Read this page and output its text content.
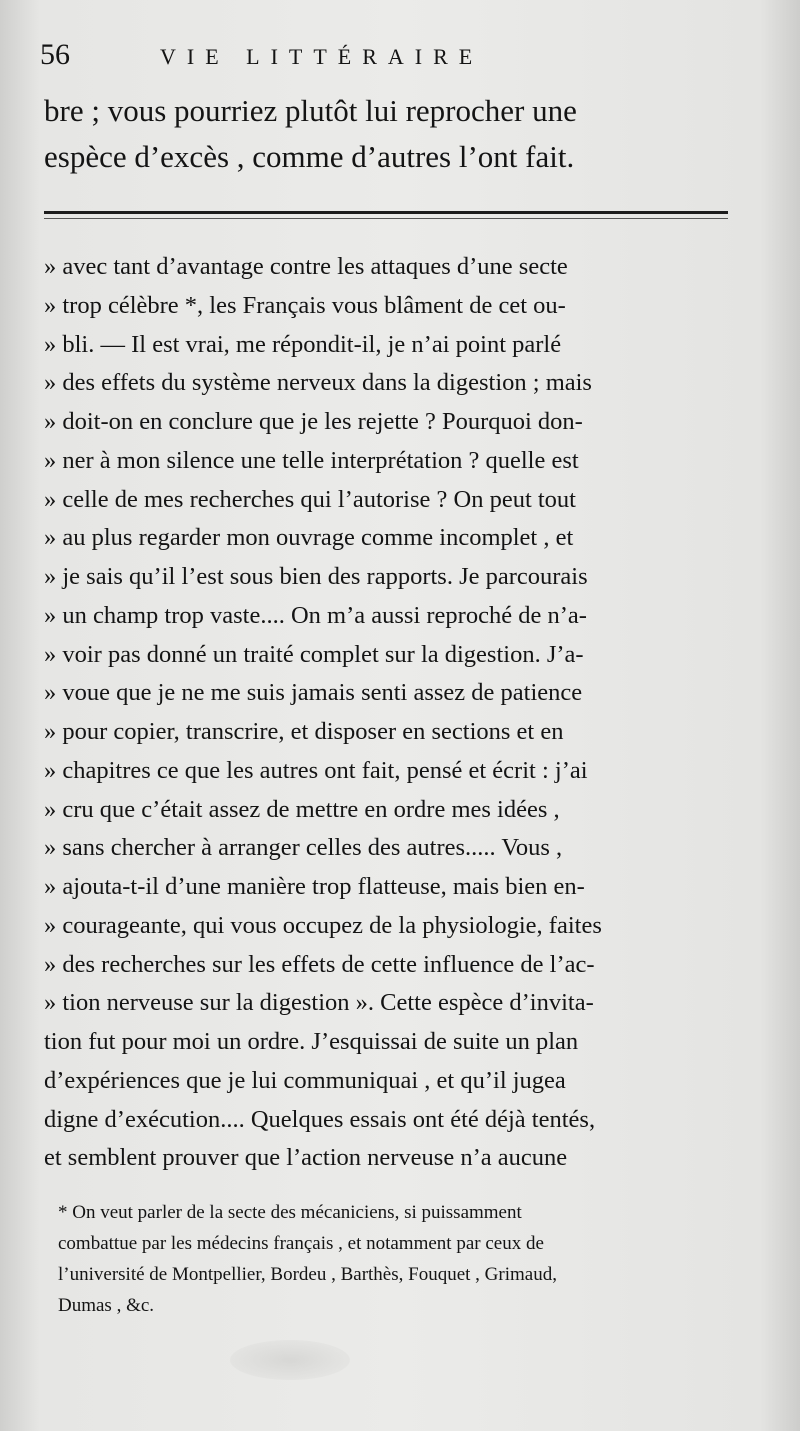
56	VIE LITTÉRAIRE
bre ; vous pourriez plutôt lui reprocher une
espèce d’excès , comme d’autres l’ont fait.
» avec tant d’avantage contre les attaques d’une secte
» trop célèbre *, les Français vous blâment de cet ou-
» bli. — Il est vrai, me répondit-il, je n’ai point parlé
» des effets du système nerveux dans la digestion ; mais
» doit-on en conclure que je les rejette ? Pourquoi don-
» ner à mon silence une telle interprétation ? quelle est
» celle de mes recherches qui l’autorise ? On peut tout
» au plus regarder mon ouvrage comme incomplet , et
» je sais qu’il l’est sous bien des rapports. Je parcourais
» un champ trop vaste.... On m’a aussi reproché de n’a-
» voir pas donné un traité complet sur la digestion. J’a-
» voue que je ne me suis jamais senti assez de patience
» pour copier, transcrire, et disposer en sections et en
» chapitres ce que les autres ont fait, pensé et écrit : j’ai
» cru que c’était assez de mettre en ordre mes idées ,
» sans chercher à arranger celles des autres..... Vous ,
» ajouta-t-il d’une manière trop flatteuse, mais bien en-
» courageante, qui vous occupez de la physiologie, faites
» des recherches sur les effets de cette influence de l’ac-
» tion nerveuse sur la digestion ». Cette espèce d’invita-
tion fut pour moi un ordre. J’esquissai de suite un plan
d’expériences que je lui communiquai , et qu’il jugea
digne d’exécution.... Quelques essais ont été déjà tentés,
et semblent prouver que l’action nerveuse n’a aucune
* On veut parler de la secte des mécaniciens, si puissamment
combattue par les médecins français , et notamment par ceux de
l’université de Montpellier, Bordeu , Barthès, Fouquet , Grimaud,
Dumas , &c.
